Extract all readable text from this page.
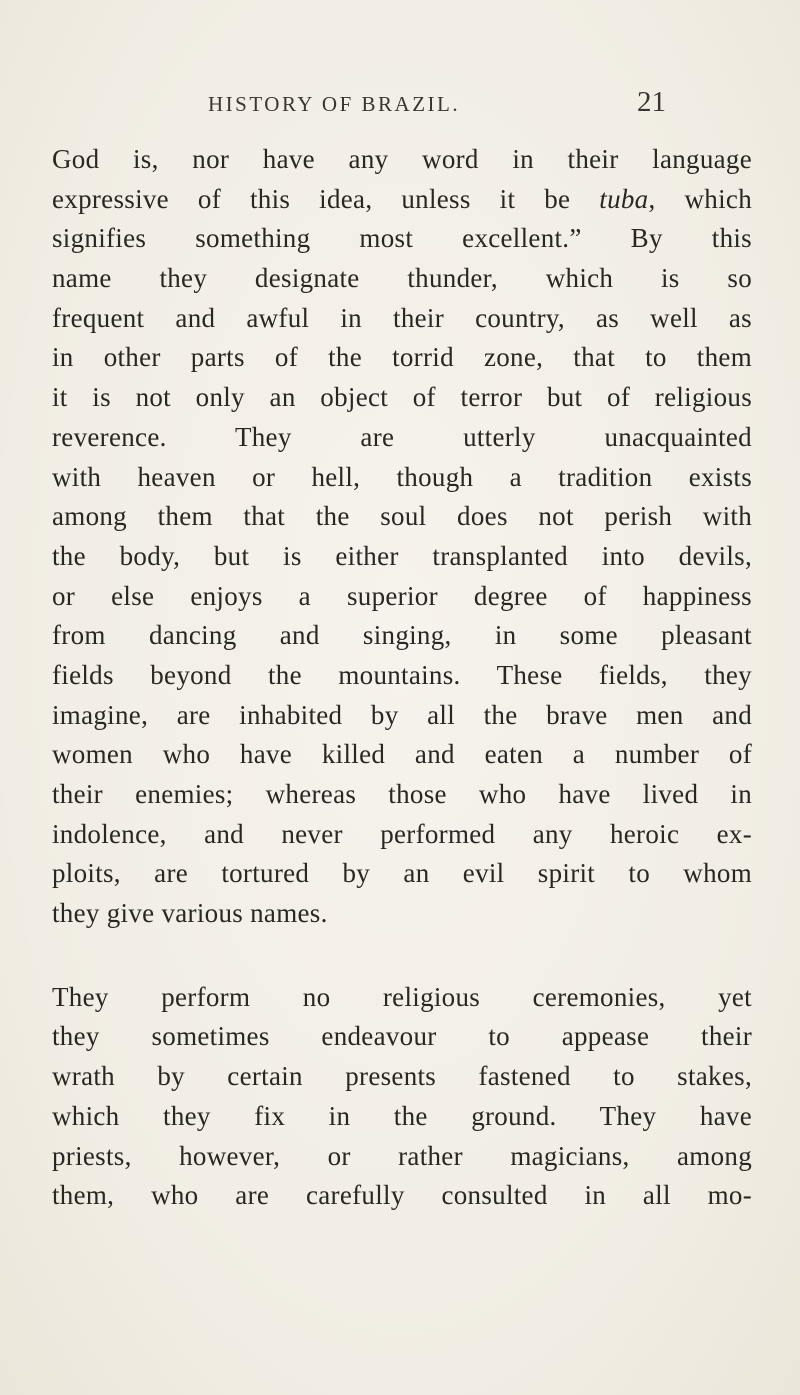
HISTORY OF BRAZIL.	21
God is, nor have any word in their language
expressive of this idea, unless it be tuba, which
signifies something most excellent.” By this
name they designate thunder, which is so
frequent and awful in their country, as well as
in other parts of the torrid zone, that to them
it is not only an object of terror but of religious
reverence. They are utterly unacquainted
with heaven or hell, though a tradition exists
among them that the soul does not perish with
the body, but is either transplanted into devils,
or else enjoys a superior degree of happiness
from dancing and singing, in some pleasant
fields beyond the mountains. These fields, they
imagine, are inhabited by all the brave men and
women who have killed and eaten a number of
their enemies; whereas those who have lived in
indolence, and never performed any heroic ex-
ploits, are tortured by an evil spirit to whom
they give various names.
They perform no religious ceremonies, yet
they sometimes endeavour to appease their
wrath by certain presents fastened to stakes,
which they fix in the ground. They have
priests, however, or rather magicians, among
them, who are carefully consulted in all mo-
